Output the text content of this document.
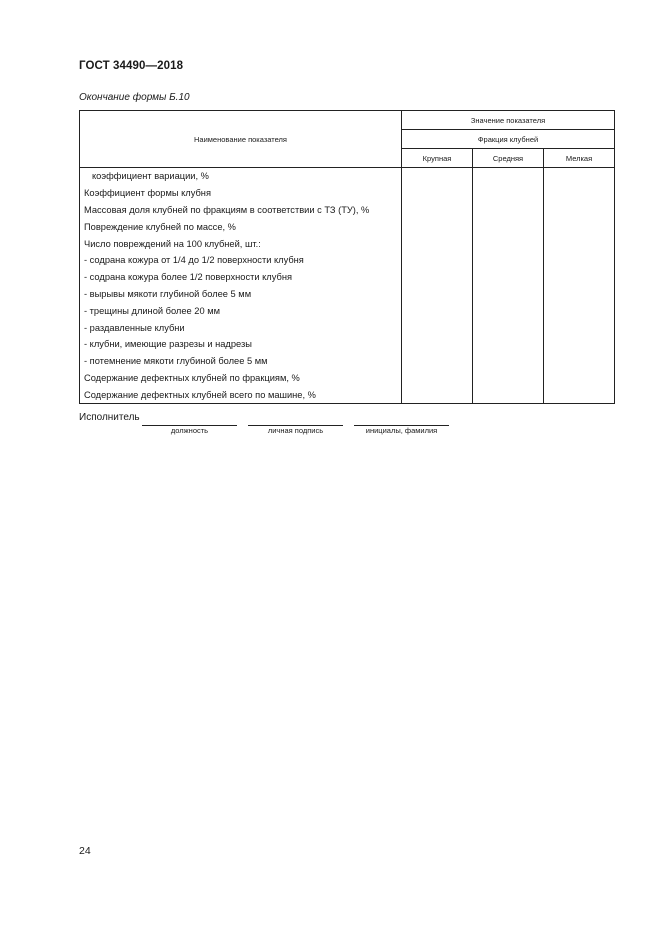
ГОСТ 34490—2018
Окончание формы Б.10
Наименование показателя	Значение показателя		
	Фракция клубней		
	Крупная	Средняя	Мелкая
коэффициент вариации, %			
Коэффициент формы клубня			
Массовая доля клубней по фракциям в соответствии с ТЗ (ТУ), %			
Повреждение клубней по массе, %			
Число повреждений на 100 клубней, шт.:			
- содрана кожура от 1/4 до 1/2 поверхности клубня			
- содрана кожура более 1/2 поверхности клубня			
- вырывы мякоти глубиной более 5 мм			
- трещины длиной более 20 мм			
- раздавленные клубни			
- клубни, имеющие разрезы и надрезы			
- потемнение мякоти глубиной более 5 мм			
Содержание дефектных клубней по фракциям, %			
Содержание дефектных клубней всего по машине, %			
Исполнитель
должность	личная подпись	инициалы, фамилия
24
